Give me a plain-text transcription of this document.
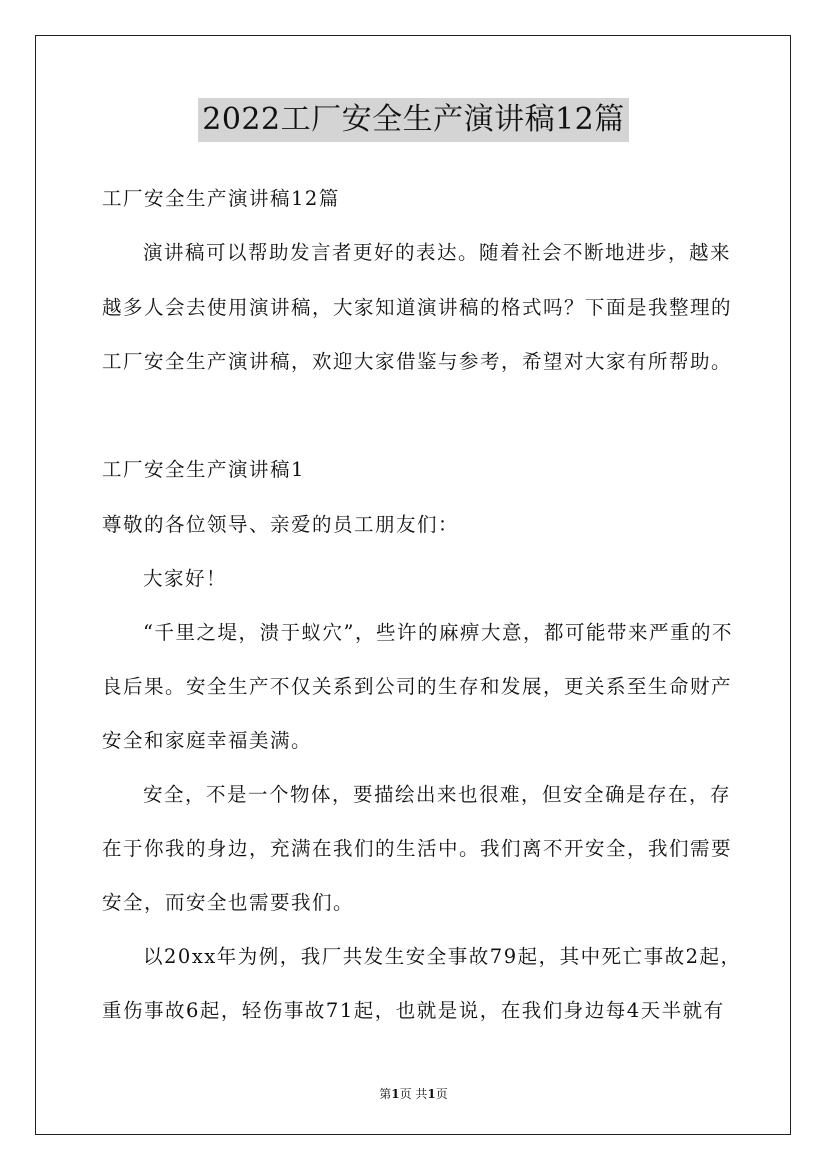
2022工厂安全生产演讲稿12篇
工厂安全生产演讲稿12篇
演讲稿可以帮助发言者更好的表达。随着社会不断地进步，越来
越多人会去使用演讲稿，大家知道演讲稿的格式吗？下面是我整理的
工厂安全生产演讲稿，欢迎大家借鉴与参考，希望对大家有所帮助。
工厂安全生产演讲稿1
尊敬的各位领导、亲爱的员工朋友们：
大家好！
“千里之堤，溃于蚁穴”，些许的麻痹大意，都可能带来严重的不
良后果。安全生产不仅关系到公司的生存和发展，更关系至生命财产
安全和家庭幸福美满。
安全，不是一个物体，要描绘出来也很难，但安全确是存在，存
在于你我的身边，充满在我们的生活中。我们离不开安全，我们需要
安全，而安全也需要我们。
以20xx年为例，我厂共发生安全事故79起，其中死亡事故2起，
重伤事故6起，轻伤事故71起，也就是说，在我们身边每4天半就有
第1页 共1页
